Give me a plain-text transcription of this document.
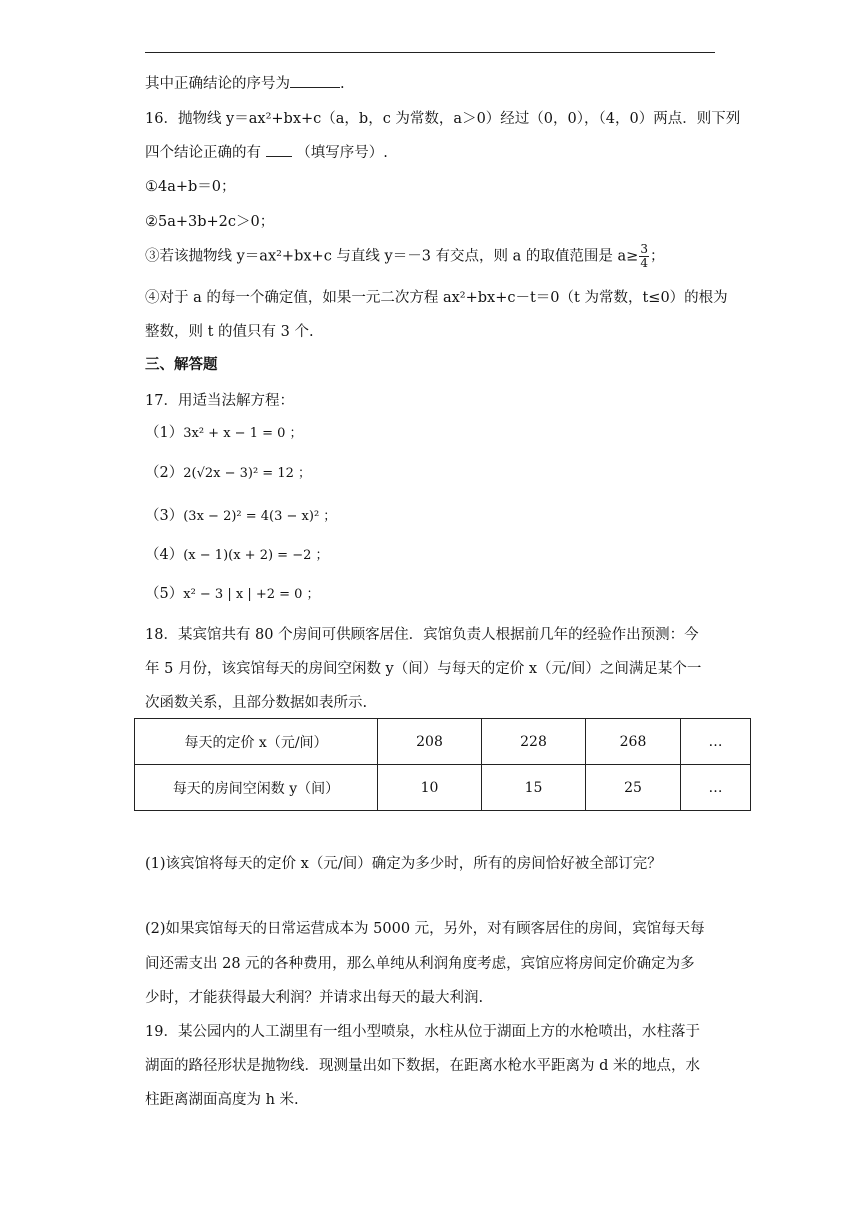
其中正确结论的序号为	.
16．抛物线 y＝ax²+bx+c（a，b，c 为常数，a＞0）经过（0，0），（4，0）两点．则下列
四个结论正确的有 （填写序号）.
①4a+b＝0；
②5a+3b+2c＞0；
③若该抛物线 y＝ax²+bx+c 与直线 y＝－3 有交点，则 a 的取值范围是 $a\ge \frac{3}{4}$ ；
④对于 a 的每一个确定值，如果一元二次方程 ax²+bx+c－t＝0（t 为常数，t≤0）的根为
整数，则 t 的值只有 3 个.
三、解答题
17．用适当法解方程：
（1）3x² + x − 1 = 0 ；
（2）2(√2x − 3)² = 12 ；
（3）(3x − 2)² = 4(3 − x)² ；
（4）(x − 1)(x + 2) = −2 ；
（5）x² − 3 | x | +2 = 0 ；
18．某宾馆共有 80 个房间可供顾客居住．宾馆负责人根据前几年的经验作出预测：今
年 5 月份，该宾馆每天的房间空闲数 y（间）与每天的定价 x（元/间）之间满足某个一
次函数关系，且部分数据如表所示.
每天的定价 x（元/间）	208	228	268	…
每天的房间空闲数 y（间）	10	15	25	…
(1)该宾馆将每天的定价 x（元/间）确定为多少时，所有的房间恰好被全部订完？
(2)如果宾馆每天的日常运营成本为 5000 元，另外，对有顾客居住的房间，宾馆每天每
间还需支出 28 元的各种费用，那么单纯从利润角度考虑，宾馆应将房间定价确定为多
少时，才能获得最大利润？并请求出每天的最大利润.
19．某公园内的人工湖里有一组小型喷泉，水柱从位于湖面上方的水枪喷出，水柱落于
湖面的路径形状是抛物线．现测量出如下数据，在距离水枪水平距离为 d 米的地点，水
柱距离湖面高度为 h 米.
